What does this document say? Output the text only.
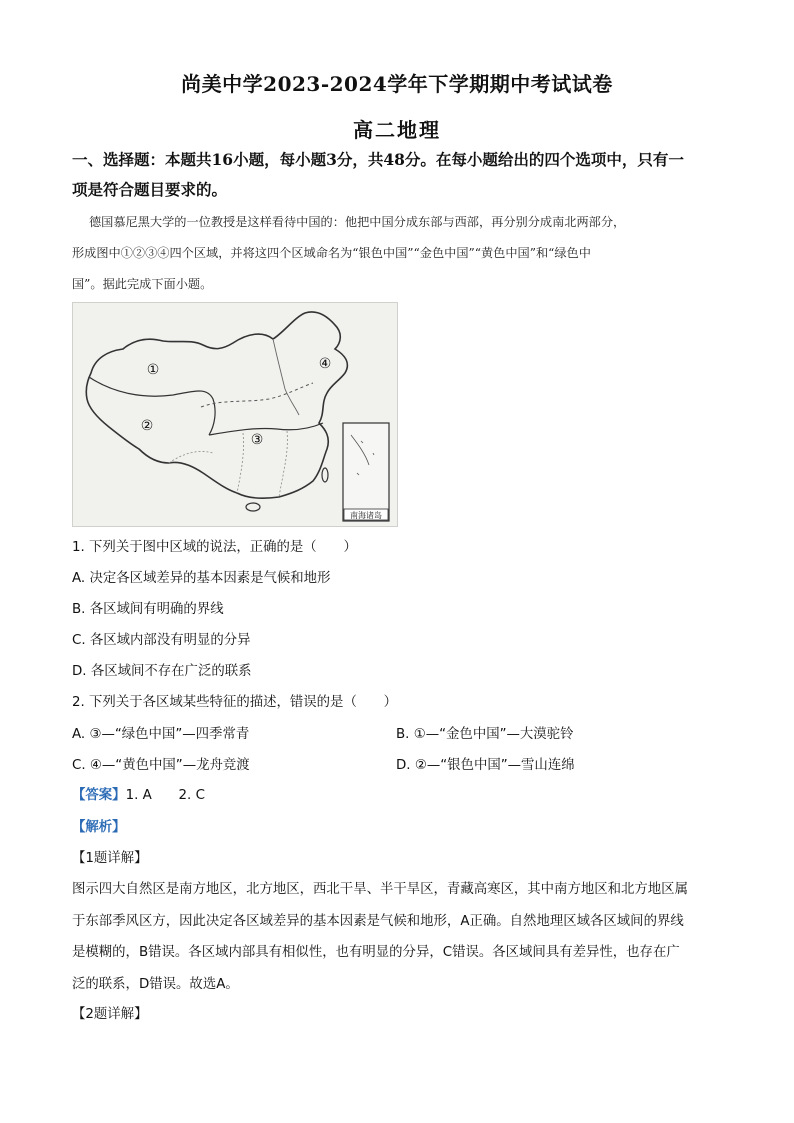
尚美中学2023-2024学年下学期期中考试试卷
高二地理
一、选择题：本题共16小题，每小题3分，共48分。在每小题给出的四个选项中，只有一
项是符合题目要求的。
德国慕尼黑大学的一位教授是这样看待中国的：他把中国分成东部与西部，再分别分成南北两部分，
形成图中①②③④四个区域，并将这四个区域命名为“银色中国”“金色中国”“黄色中国”和“绿色中
国”。据此完成下面小题。
南海诸岛
①
②
③
④
1. 下列关于图中区域的说法，正确的是（　　）
A. 决定各区域差异的基本因素是气候和地形
B. 各区域间有明确的界线
C. 各区域内部没有明显的分异
D. 各区域间不存在广泛的联系
2. 下列关于各区域某些特征的描述，错误的是（　　）
A. ③—“绿色中国”—四季常青	B. ①—“金色中国”—大漠驼铃
C. ④—“黄色中国”—龙舟竞渡	D. ②—“银色中国”—雪山连绵
【答案】1. A　　2. C
【解析】
【1题详解】
图示四大自然区是南方地区，北方地区，西北干旱、半干旱区，青藏高寒区，其中南方地区和北方地区属
于东部季风区方，因此决定各区域差异的基本因素是气候和地形，A正确。自然地理区域各区域间的界线
是模糊的，B错误。各区域内部具有相似性，也有明显的分异，C错误。各区域间具有差异性，也存在广
泛的联系，D错误。故选A。
【2题详解】
